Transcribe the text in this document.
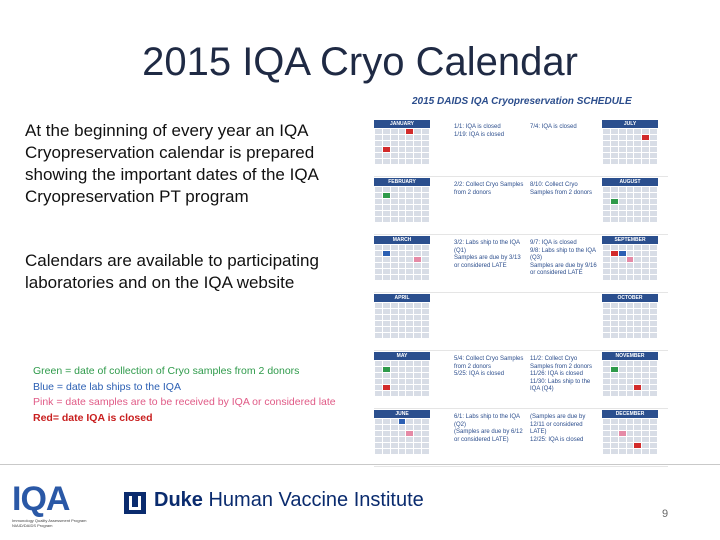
2015 IQA Cryo Calendar
At the beginning of every year an IQA Cryopreservation calendar is prepared showing the important dates of the IQA Cryopreservation PT program
Calendars are available to participating laboratories and on the IQA website
Green = date of collection of Cryo samples from 2 donors
Blue = date lab ships to the IQA
Pink = date samples are to be received by IQA or considered late
Red= date IQA is closed
2015 DAIDS IQA Cryopreservation SCHEDULE
JANUARY	JULY
1/1: IQA is closed
1/19: IQA is closed
7/4: IQA is closed
FEBRUARY	AUGUST
2/2: Collect Cryo Samples from 2 donors
8/10: Collect Cryo Samples from 2 donors
MARCH	SEPTEMBER
3/2: Labs ship to the IQA (Q1)
Samples are due by 3/13 or considered LATE
9/7: IQA is closed
9/8: Labs ship to the IQA (Q3)
Samples are due by 9/16 or considered LATE
APRIL	OCTOBER
MAY	NOVEMBER
5/4: Collect Cryo Samples from 2 donors
5/25: IQA is closed
11/2: Collect Cryo Samples from 2 donors
11/26: IQA is closed
11/30: Labs ship to the IQA (Q4)
JUNE	DECEMBER
6/1: Labs ship to the IQA (Q2)
(Samples are due by 6/12 or considered LATE)
(Samples are due by 12/11 or considered LATE)
12/25: IQA is closed
IQA
Immunology Quality Assessment Program NIAID/DAIDS Program
Duke Human Vaccine Institute
9
